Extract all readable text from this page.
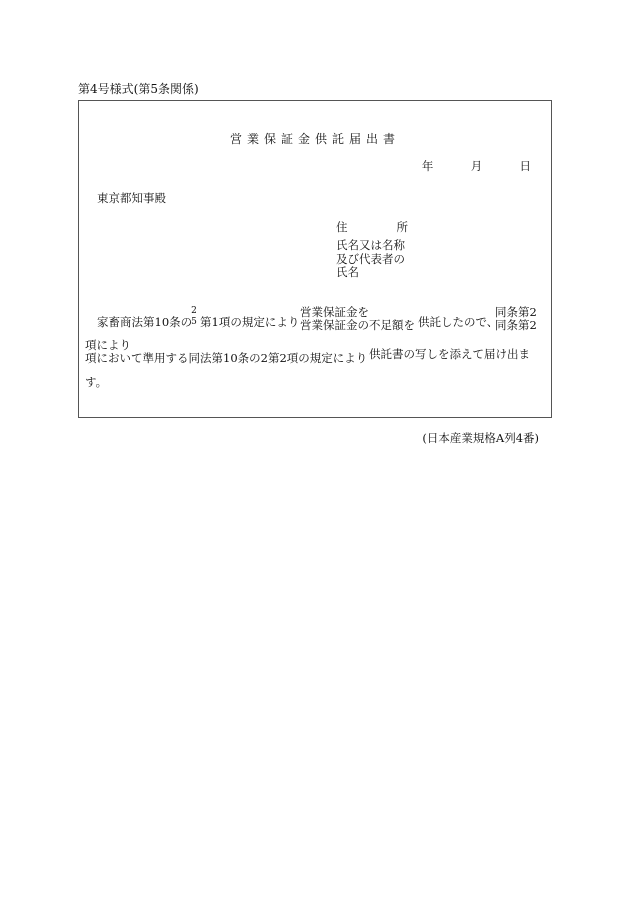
第4号様式(第5条関係)
営業保証金供託届出書
年	月	日
東京都知事殿
住　所
氏名又は名称
及び代表者の
氏名
家畜商法第10条の
2
5 第1項の規定により
営業保証金を
営業保証金の不足額を 供託したので、
同条第2
同条第2
項により
項において準用する同法第10条の2第2項の規定により 供託書の写しを添えて届け出ま
す。
(日本産業規格A列4番)
